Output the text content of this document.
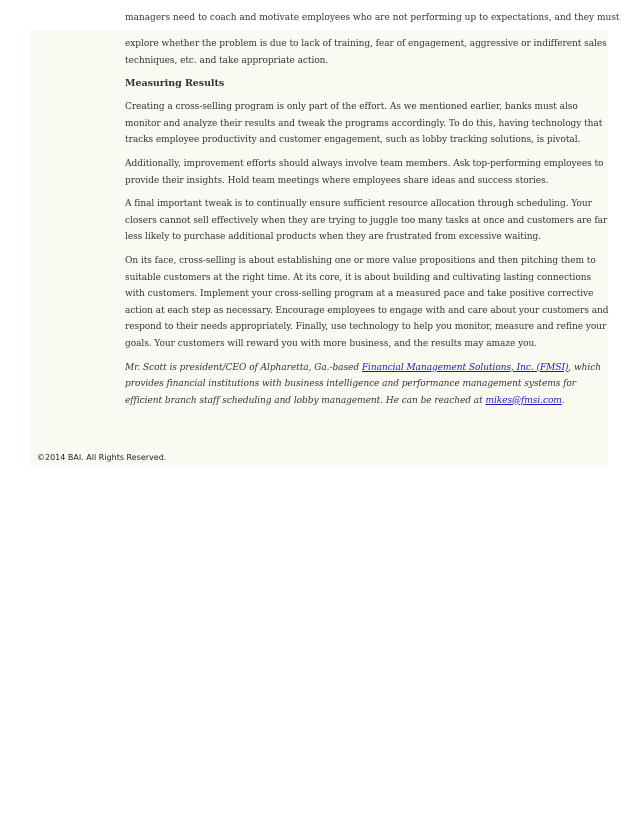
managers need to coach and motivate employees who are not performing up to expectations, and they must

explore whether the problem is due to lack of training, fear of engagement, aggressive or indifferent sales techniques, etc. and take appropriate action.

Measuring Results

Creating a cross-selling program is only part of the effort. As we mentioned earlier, banks must also monitor and analyze their results and tweak the programs accordingly. To do this, having technology that tracks employee productivity and customer engagement, such as lobby tracking solutions, is pivotal.

Additionally, improvement efforts should always involve team members. Ask top-performing employees to provide their insights. Hold team meetings where employees share ideas and success stories.

A final important tweak is to continually ensure sufficient resource allocation through scheduling. Your closers cannot sell effectively when they are trying to juggle too many tasks at once and customers are far less likely to purchase additional products when they are frustrated from excessive waiting.

On its face, cross-selling is about establishing one or more value propositions and then pitching them to suitable customers at the right time. At its core, it is about building and cultivating lasting connections with customers. Implement your cross-selling program at a measured pace and take positive corrective action at each step as necessary. Encourage employees to engage with and care about your customers and respond to their needs appropriately. Finally, use technology to help you monitor, measure and refine your goals. Your customers will reward you with more business, and the results may amaze you.

Mr. Scott is president/CEO of Alpharetta, Ga.-based Financial Management Solutions, Inc. (FMSI), which provides financial institutions with business intelligence and performance management systems for efficient branch staff scheduling and lobby management. He can be reached at mikes@fmsi.com.

©2014 BAI. All Rights Reserved.
